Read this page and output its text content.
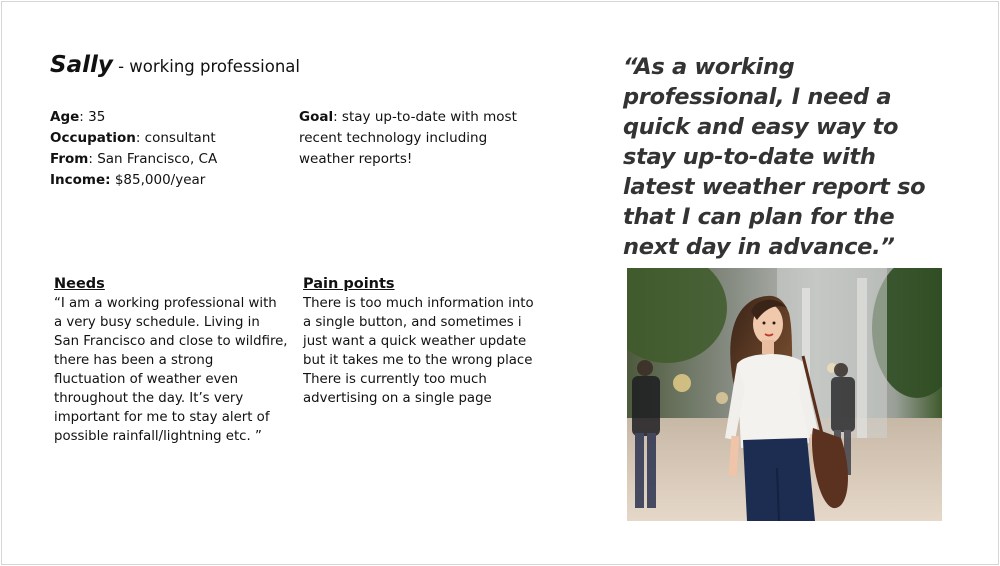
Sally - working professional
Age: 35
Occupation: consultant
From: San Francisco, CA
Income: $85,000/year
Goal: stay up-to-date with most recent technology including weather reports!
Needs
“I am a working professional with a very busy schedule. Living in San Francisco and close to wildfire, there has been a strong fluctuation of weather even throughout the day. It’s very important for me to stay alert of possible rainfall/lightning etc. ”
Pain points
There is too much information into a single button, and sometimes i just want a quick weather update but it takes me to the wrong place
There is currently too much advertising on a single page
“As a working professional, I need a quick and easy way to stay up-to-date with latest weather report so that I can plan for the next day in advance.”
